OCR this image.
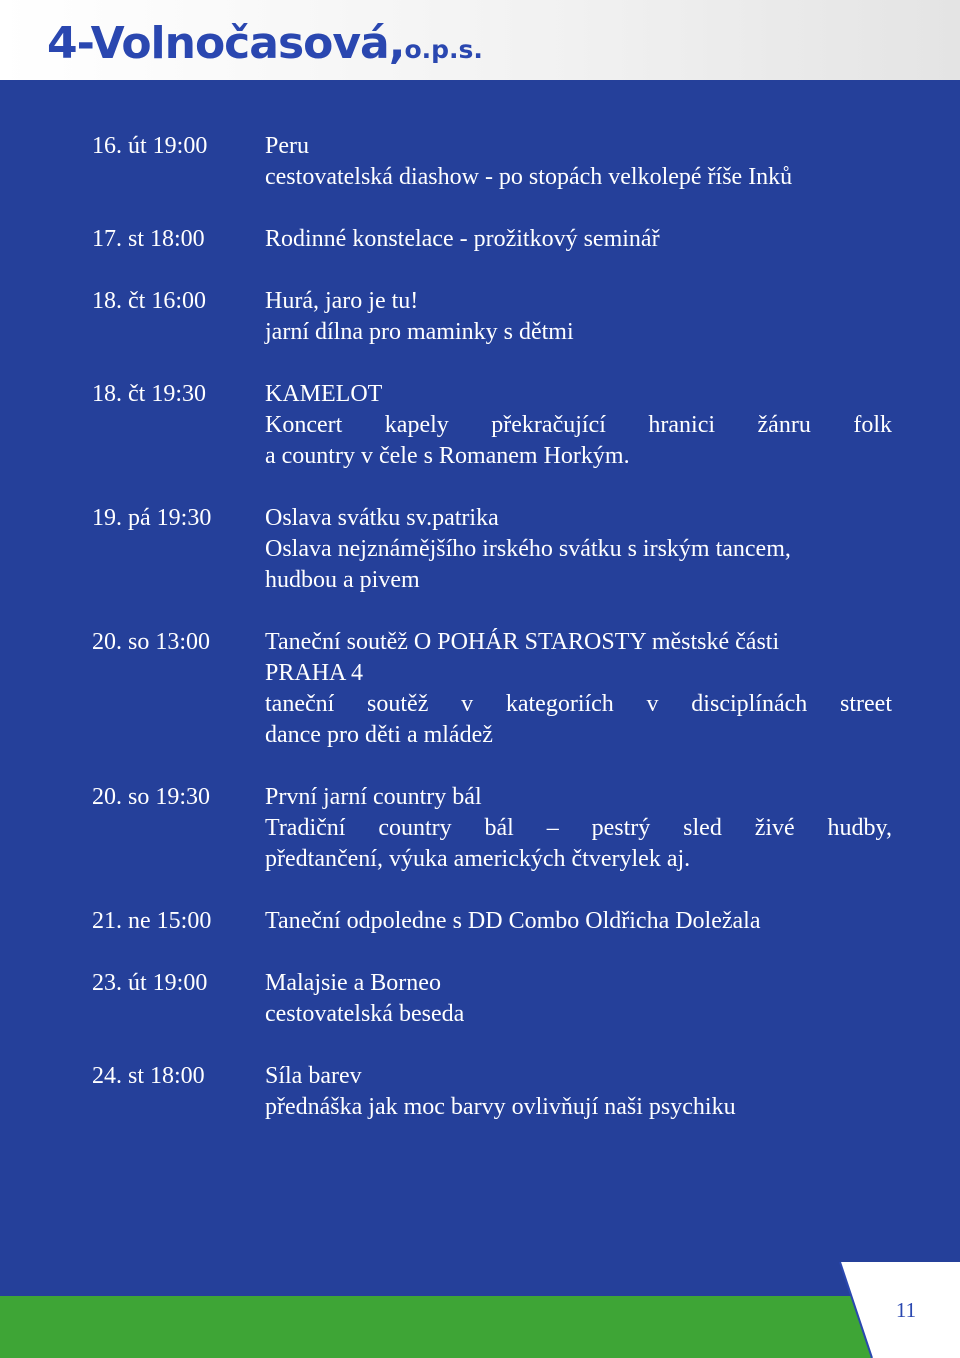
4-Volnočasová,o.p.s.
16. út 19:00	Peru
cestovatelská diashow - po stopách velkolepé říše Inků
17. st 18:00	Rodinné konstelace - prožitkový seminář
18. čt 16:00	Hurá, jaro je tu!
jarní dílna pro maminky s dětmi
18. čt 19:30	KAMELOT
Koncert kapely překračující hranici žánru folk
a country v čele s Romanem Horkým.
19. pá 19:30	Oslava svátku sv.patrika
Oslava nejznámějšího irského svátku s irským tancem,
hudbou a pivem
20. so 13:00	Taneční soutěž O POHÁR STAROSTY městské části
PRAHA 4
taneční soutěž v kategoriích v disciplínách street
dance pro děti a mládež
20. so 19:30	První jarní country bál
Tradiční country bál – pestrý sled živé hudby,
předtančení, výuka amerických čtverylek aj.
21. ne 15:00	Taneční odpoledne s DD Combo Oldřicha Doležala
23. út 19:00	Malajsie a Borneo
cestovatelská beseda
24. st 18:00	Síla barev
přednáška jak moc barvy ovlivňují naši psychiku
11
